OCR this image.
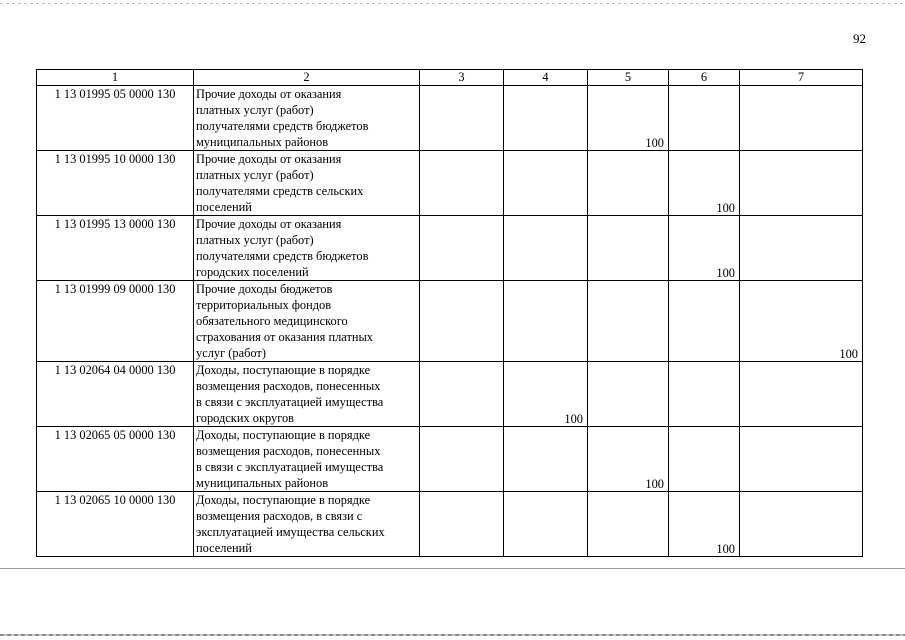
92
1	2	3	4	5	6	7
1 13 01995 05 0000 130	Прочие доходы от оказания
платных услуг (работ)
получателями средств бюджетов
муниципальных районов			100		
1 13 01995 10 0000 130	Прочие доходы от оказания
платных услуг (работ)
получателями средств сельских
поселений				100	
1 13 01995 13 0000 130	Прочие доходы от оказания
платных услуг (работ)
получателями средств бюджетов
городских поселений				100	
1 13 01999 09 0000 130	Прочие доходы бюджетов
территориальных фондов
обязательного медицинского
страхования от оказания платных
услуг (работ)					100
1 13 02064 04 0000 130	Доходы, поступающие в порядке
возмещения расходов, понесенных
в связи с эксплуатацией имущества
городских округов		100			
1 13 02065 05 0000 130	Доходы, поступающие в порядке
возмещения расходов, понесенных
в связи с эксплуатацией имущества
муниципальных районов			100		
1 13 02065 10 0000 130	Доходы, поступающие в порядке
возмещения расходов, в связи с
эксплуатацией имущества сельских
поселений				100	
